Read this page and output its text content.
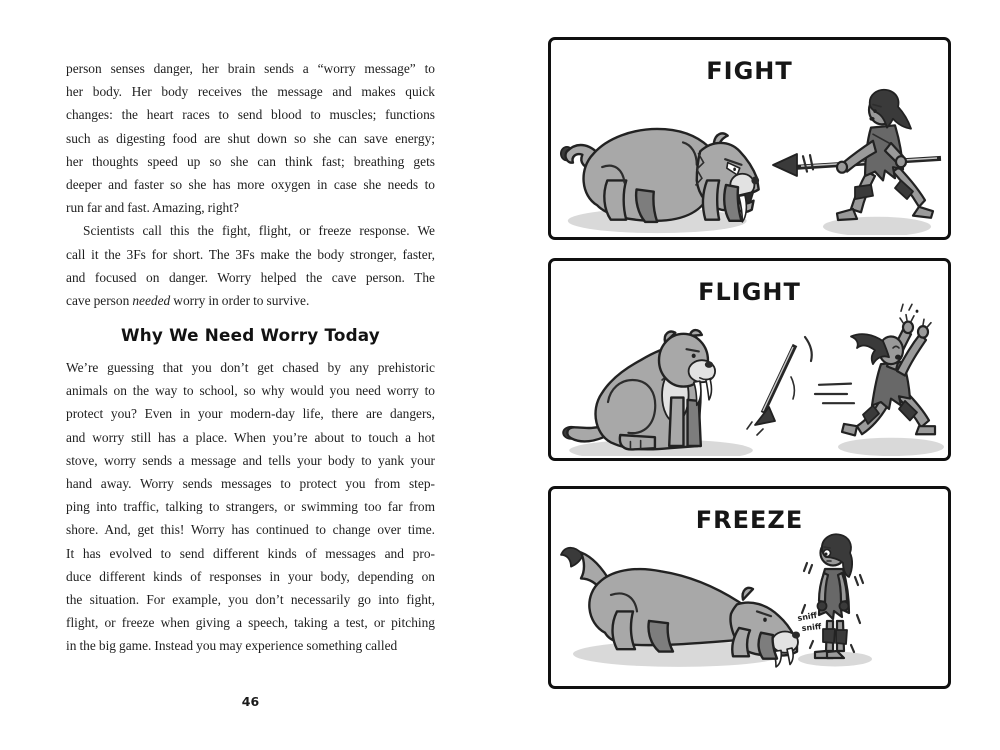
person senses danger, her brain sends a “worry message” to
her body. Her body receives the message and makes quick
changes: the heart races to send blood to muscles; functions
such as digesting food are shut down so she can save energy;
her thoughts speed up so she can think fast; breathing gets
deeper and faster so she has more oxygen in case she needs to
run far and fast. Amazing, right?
Scientists call this the fight, flight, or freeze response. We
call it the 3Fs for short. The 3Fs make the body stronger, faster,
and focused on danger. Worry helped the cave person. The
cave person needed worry in order to survive.
Why We Need Worry Today
We’re guessing that you don’t get chased by any prehistoric
animals on the way to school, so why would you need worry to
protect you? Even in your modern-day life, there are dangers,
and worry still has a place. When you’re about to touch a hot
stove, worry sends a message and tells your body to yank your
hand away. Worry sends messages to protect you from step-
ping into traffic, talking to strangers, or swimming too far from
shore. And, get this! Worry has continued to change over time.
It has evolved to send different kinds of messages and pro-
duce different kinds of responses in your body, depending on
the situation. For example, you don’t necessarily go into fight,
flight, or freeze when giving a speech, taking a test, or pitching
in the big game. Instead you may experience something called
46
FIGHT
FLIGHT
FREEZE
sniff
sniff
